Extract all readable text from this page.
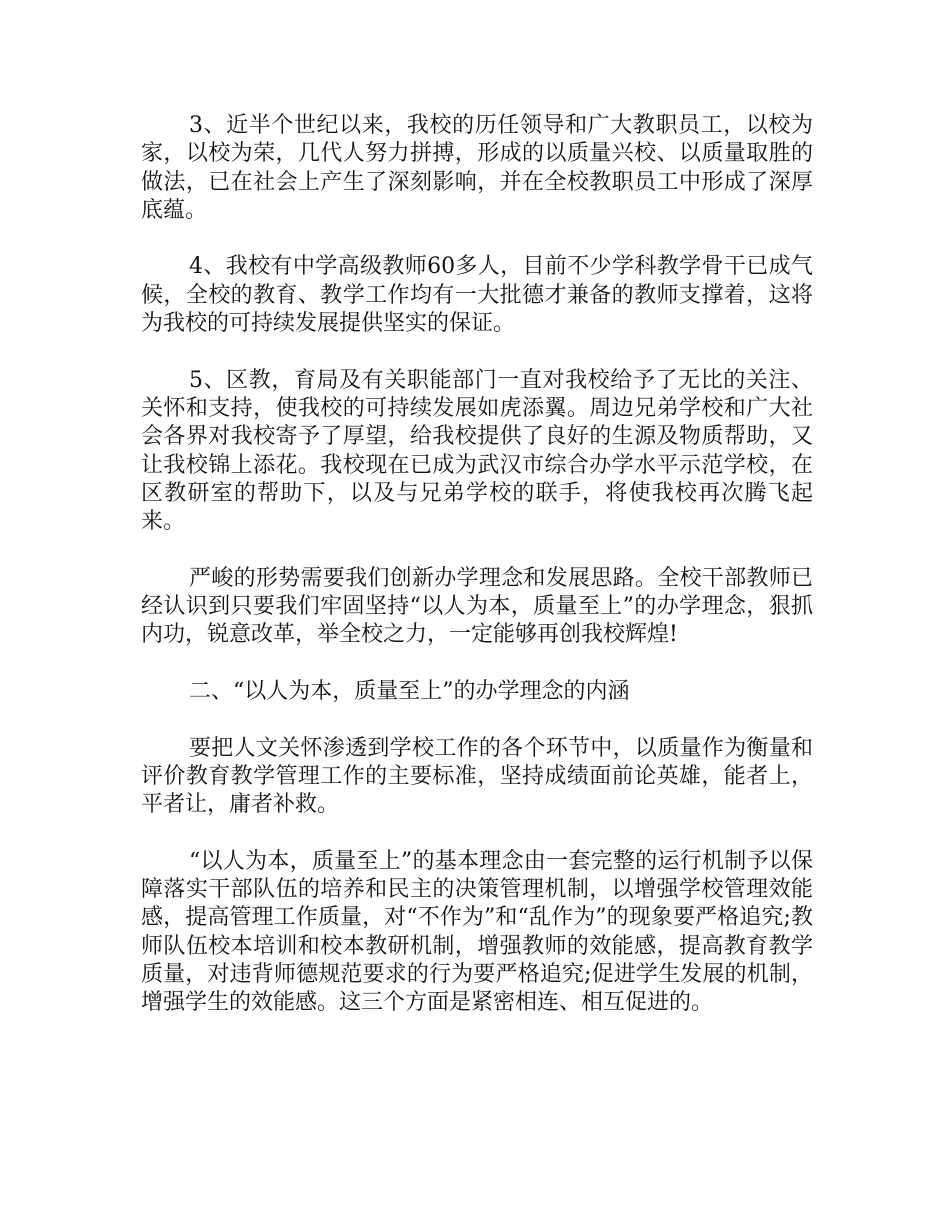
3、近半个世纪以来，我校的历任领导和广大教职员工，以校为家，以校为荣，几代人努力拼搏，形成的以质量兴校、以质量取胜的做法，已在社会上产生了深刻影响，并在全校教职员工中形成了深厚底蕴。

4、我校有中学高级教师60多人，目前不少学科教学骨干已成气候，全校的教育、教学工作均有一大批德才兼备的教师支撑着，这将为我校的可持续发展提供坚实的保证。

5、区教，育局及有关职能部门一直对我校给予了无比的关注、关怀和支持，使我校的可持续发展如虎添翼。周边兄弟学校和广大社会各界对我校寄予了厚望，给我校提供了良好的生源及物质帮助，又让我校锦上添花。我校现在已成为武汉市综合办学水平示范学校，在区教研室的帮助下，以及与兄弟学校的联手，将使我校再次腾飞起来。

严峻的形势需要我们创新办学理念和发展思路。全校干部教师已经认识到只要我们牢固坚持“以人为本，质量至上”的办学理念，狠抓内功，锐意改革，举全校之力，一定能够再创我校辉煌!

二、“以人为本，质量至上”的办学理念的内涵

要把人文关怀渗透到学校工作的各个环节中，以质量作为衡量和评价教育教学管理工作的主要标准，坚持成绩面前论英雄，能者上，平者让，庸者补救。

“以人为本，质量至上”的基本理念由一套完整的运行机制予以保障落实干部队伍的培养和民主的决策管理机制，以增强学校管理效能感，提高管理工作质量，对“不作为”和“乱作为”的现象要严格追究;教师队伍校本培训和校本教研机制，增强教师的效能感，提高教育教学质量，对违背师德规范要求的行为要严格追究;促进学生发展的机制，增强学生的效能感。这三个方面是紧密相连、相互促进的。
